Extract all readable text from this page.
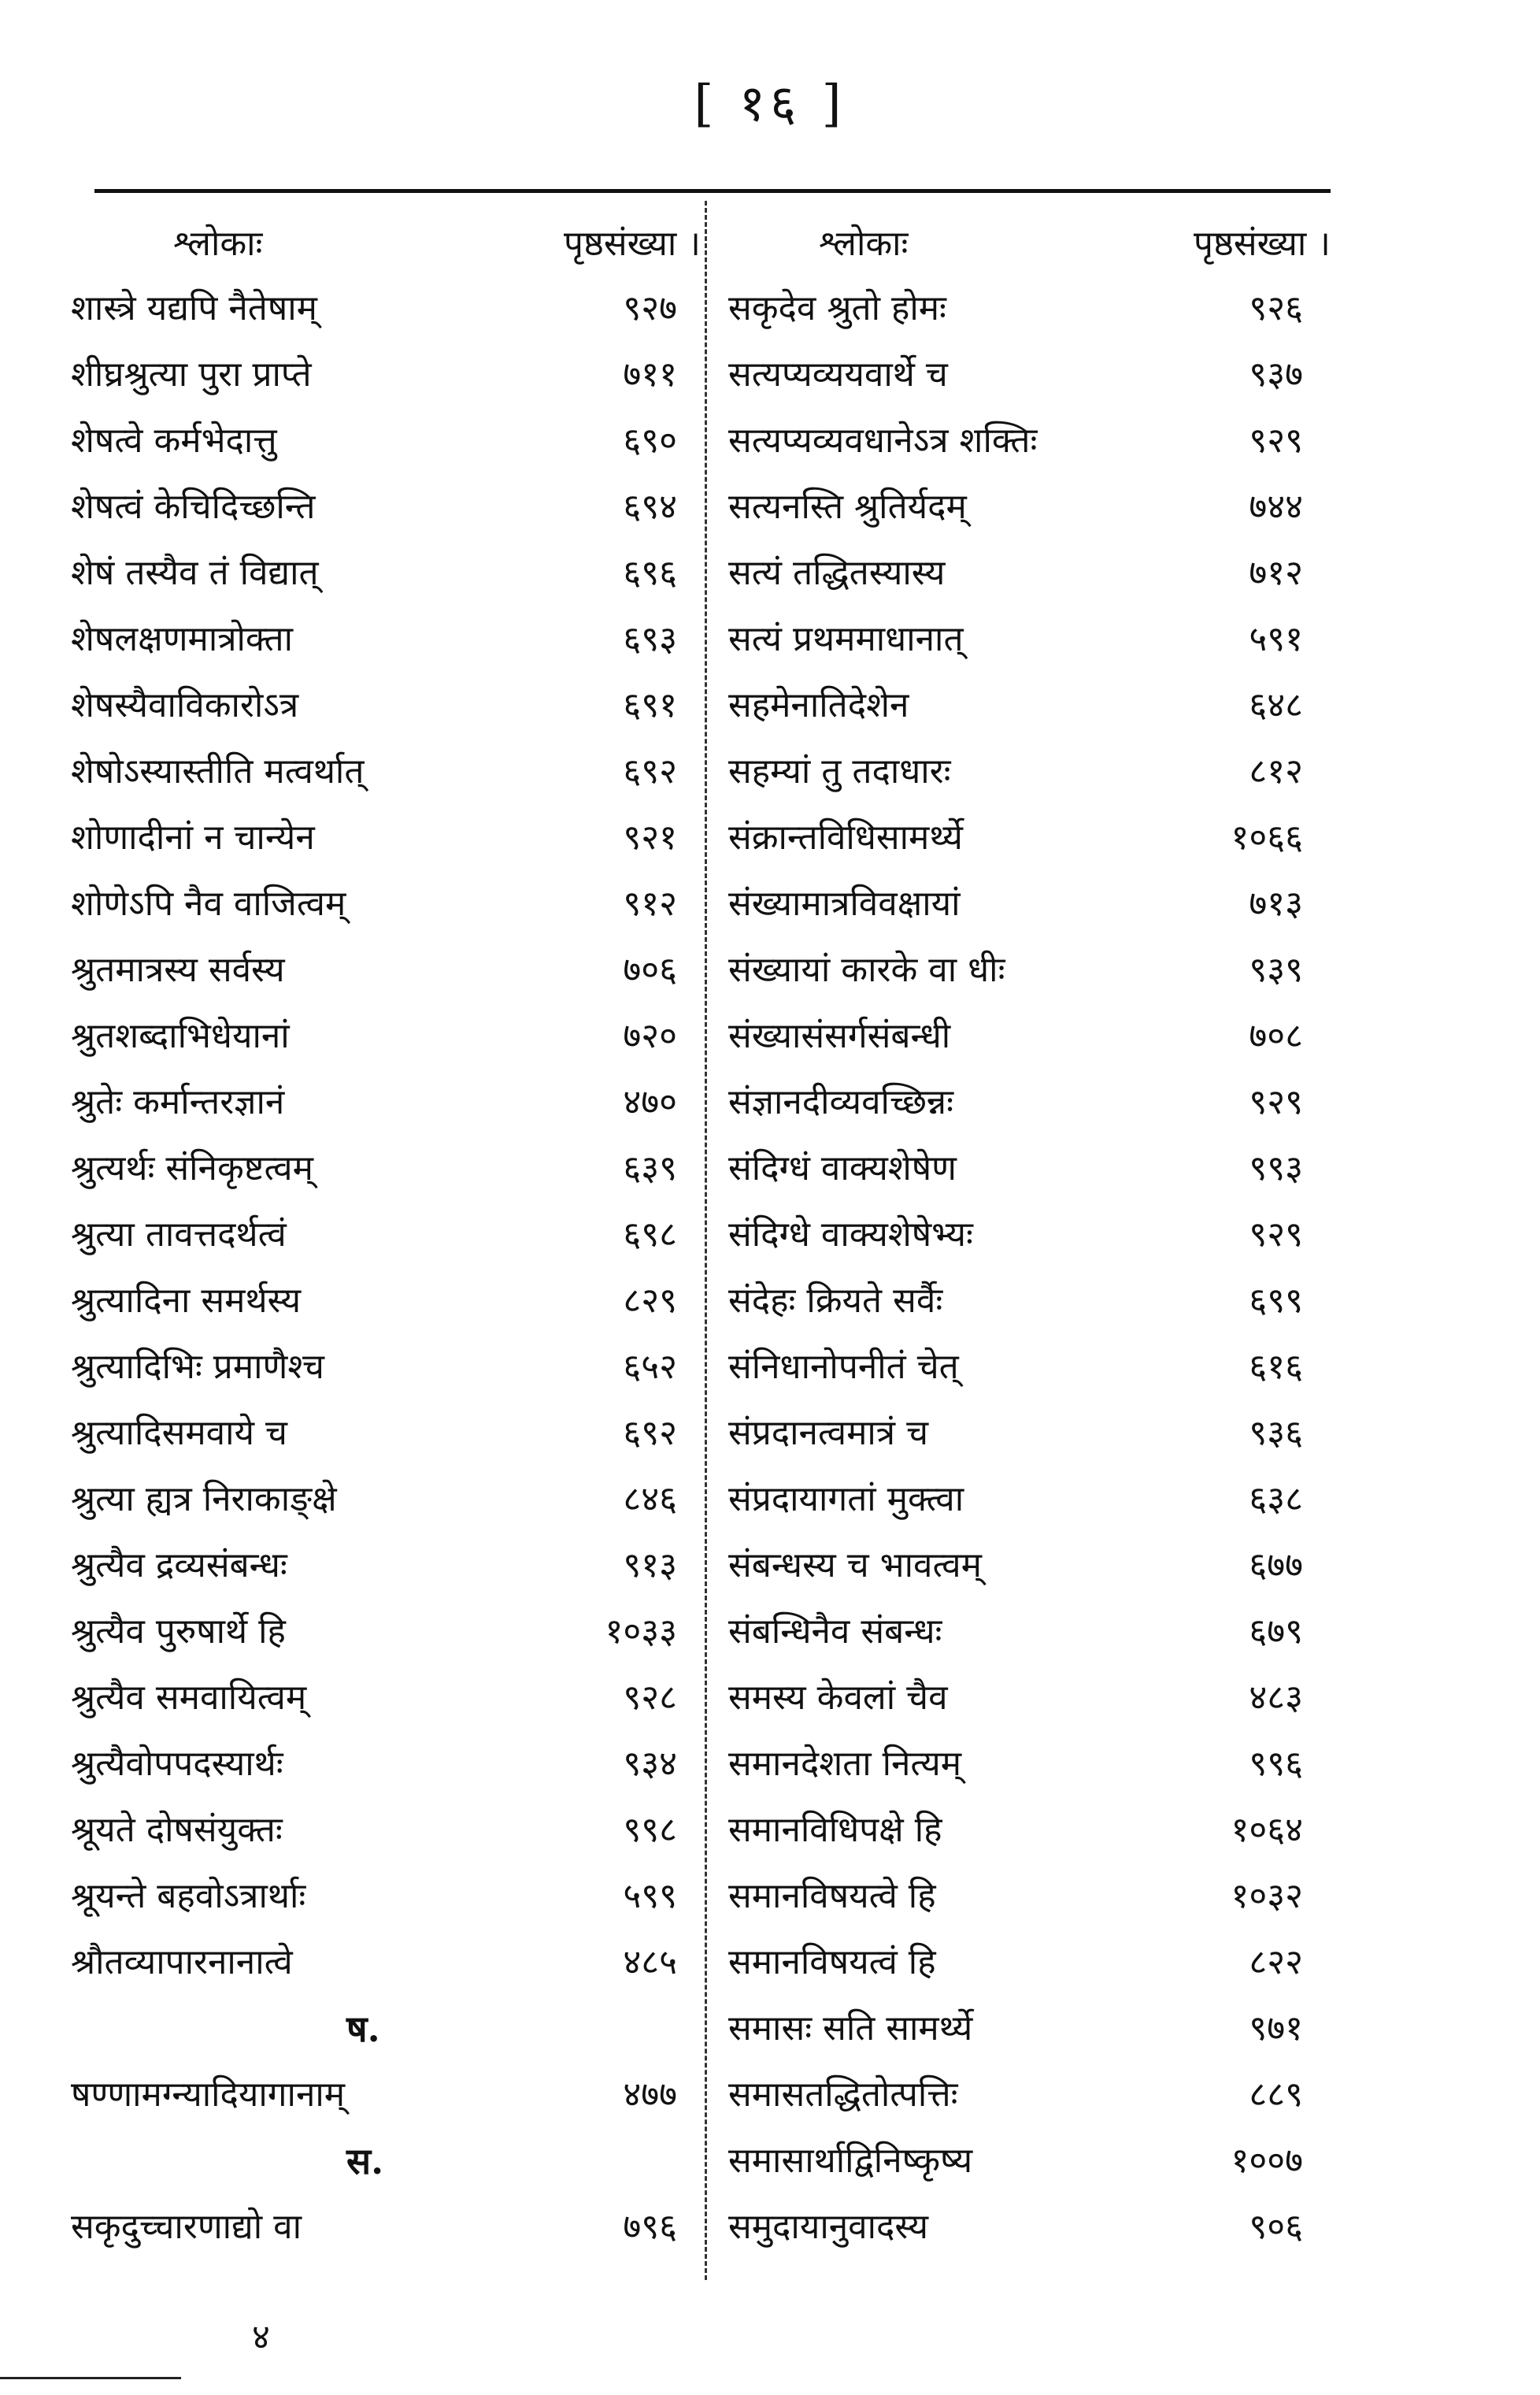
[ १६ ]
श्लोकाः	पृष्ठसंख्या ।	श्लोकाः	पृष्ठसंख्या ।
शास्त्रे यद्यपि नैतेषाम्	९२७
शीघ्रश्रुत्या पुरा प्राप्ते	७११
शेषत्वे कर्मभेदात्तु	६९०
शेषत्वं केचिदिच्छन्ति	६९४
शेषं तस्यैव तं विद्यात्	६९६
शेषलक्षणमात्रोक्ता	६९३
शेषस्यैवाविकारोऽत्र	६९१
शेषोऽस्यास्तीति मत्वर्थात्	६९२
शोणादीनां न चान्येन	९२१
शोणेऽपि नैव वाजित्वम्	९१२
श्रुतमात्रस्य सर्वस्य	७०६
श्रुतशब्दाभिधेयानां	७२०
श्रुतेः कर्मान्तरज्ञानं	४७०
श्रुत्यर्थः संनिकृष्टत्वम्	६३९
श्रुत्या तावत्तदर्थत्वं	६९८
श्रुत्यादिना समर्थस्य	८२९
श्रुत्यादिभिः प्रमाणैश्च	६५२
श्रुत्यादिसमवाये च	६९२
श्रुत्या ह्यत्र निराकाङ्क्षे	८४६
श्रुत्यैव द्रव्यसंबन्धः	९१३
श्रुत्यैव पुरुषार्थे हि	१०३३
श्रुत्यैव समवायित्वम्	९२८
श्रुत्यैवोपपदस्यार्थः	९३४
श्रूयते दोषसंयुक्तः	९९८
श्रूयन्ते बहवोऽत्रार्थाः	५९९
श्रौतव्यापारनानात्वे	४८५
ष.
षण्णामग्न्यादियागानाम्	४७७
स.
सकृदुच्चारणाद्यो वा	७९६
सकृदेव श्रुतो होमः	९२६
सत्यप्यव्ययवार्थे च	९३७
सत्यप्यव्यवधानेऽत्र शक्तिः	९२९
सत्यनस्ति श्रुतिर्यदम्	७४४
सत्यं तद्धितस्यास्य	७१२
सत्यं प्रथममाधानात्	५९१
सहमेनातिदेशेन	६४८
सहम्यां तु तदाधारः	८१२
संक्रान्तविधिसामर्थ्ये	१०६६
संख्यामात्रविवक्षायां	७१३
संख्यायां कारके वा धीः	९३९
संख्यासंसर्गसंबन्धी	७०८
संज्ञानदीव्यवच्छिन्नः	९२९
संदिग्धं वाक्यशेषेण	९९३
संदिग्धे वाक्यशेषेभ्यः	९२९
संदेहः क्रियते सर्वैः	६९९
संनिधानोपनीतं चेत्	६१६
संप्रदानत्वमात्रं च	९३६
संप्रदायागतां मुक्त्वा	६३८
संबन्धस्य च भावत्वम्	६७७
संबन्धिनैव संबन्धः	६७९
समस्य केवलां चैव	४८३
समानदेशता नित्यम्	९९६
समानविधिपक्षे हि	१०६४
समानविषयत्वे हि	१०३२
समानविषयत्वं हि	८२२
समासः सति सामर्थ्ये	९७१
समासतद्धितोत्पत्तिः	८८९
समासार्थाद्विनिष्कृष्य	१००७
समुदायानुवादस्य	९०६
४
